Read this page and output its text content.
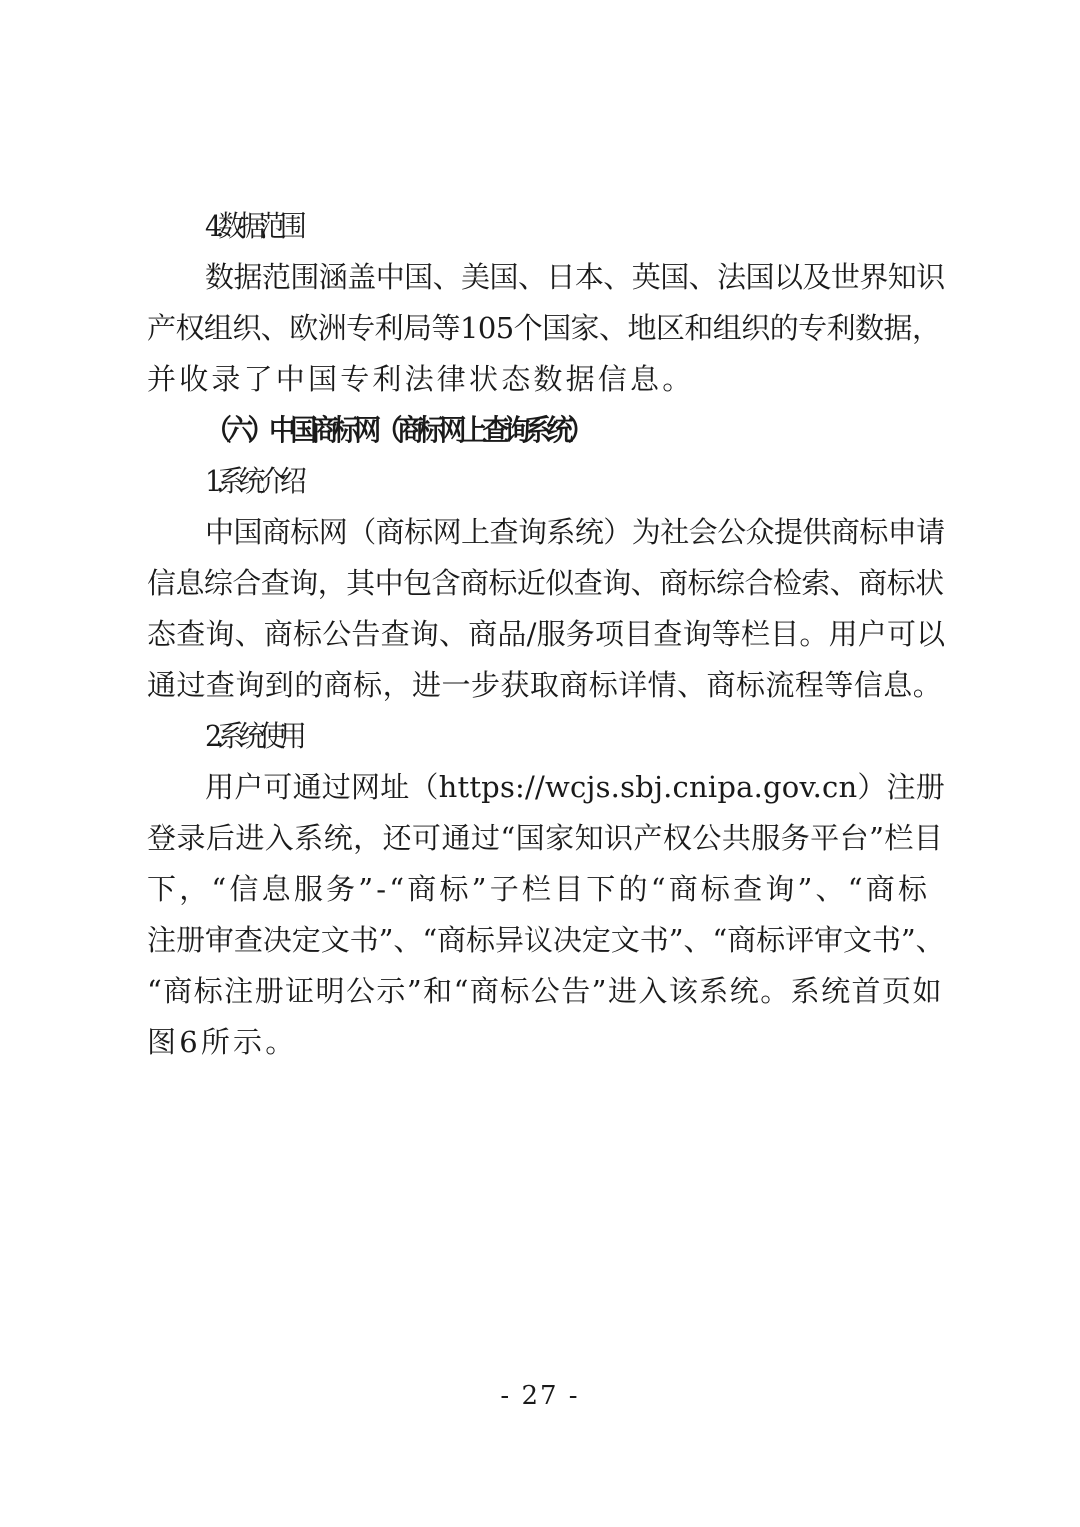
4.数据范围
数据范围涵盖中国、美国、日本、英国、法国以及世界知识
产权组织、欧洲专利局等105个国家、地区和组织的专利数据，
并收录了中国专利法律状态数据信息。
（六）中国商标网（商标网上查询系统）
1.系统介绍
中国商标网（商标网上查询系统）为社会公众提供商标申请
信息综合查询，其中包含商标近似查询、商标综合检索、商标状
态查询、商标公告查询、商品/服务项目查询等栏目。用户可以
通过查询到的商标，进一步获取商标详情、商标流程等信息。
2.系统使用
用户可通过网址（https://wcjs.sbj.cnipa.gov.cn）注册
登录后进入系统，还可通过“国家知识产权公共服务平台”栏目
下，“信息服务”-“商标”子栏目下的“商标查询”、“商标
注册审查决定文书”、“商标异议决定文书”、“商标评审文书”、
“商标注册证明公示”和“商标公告”进入该系统。系统首页如
图6所示。
- 27 -
